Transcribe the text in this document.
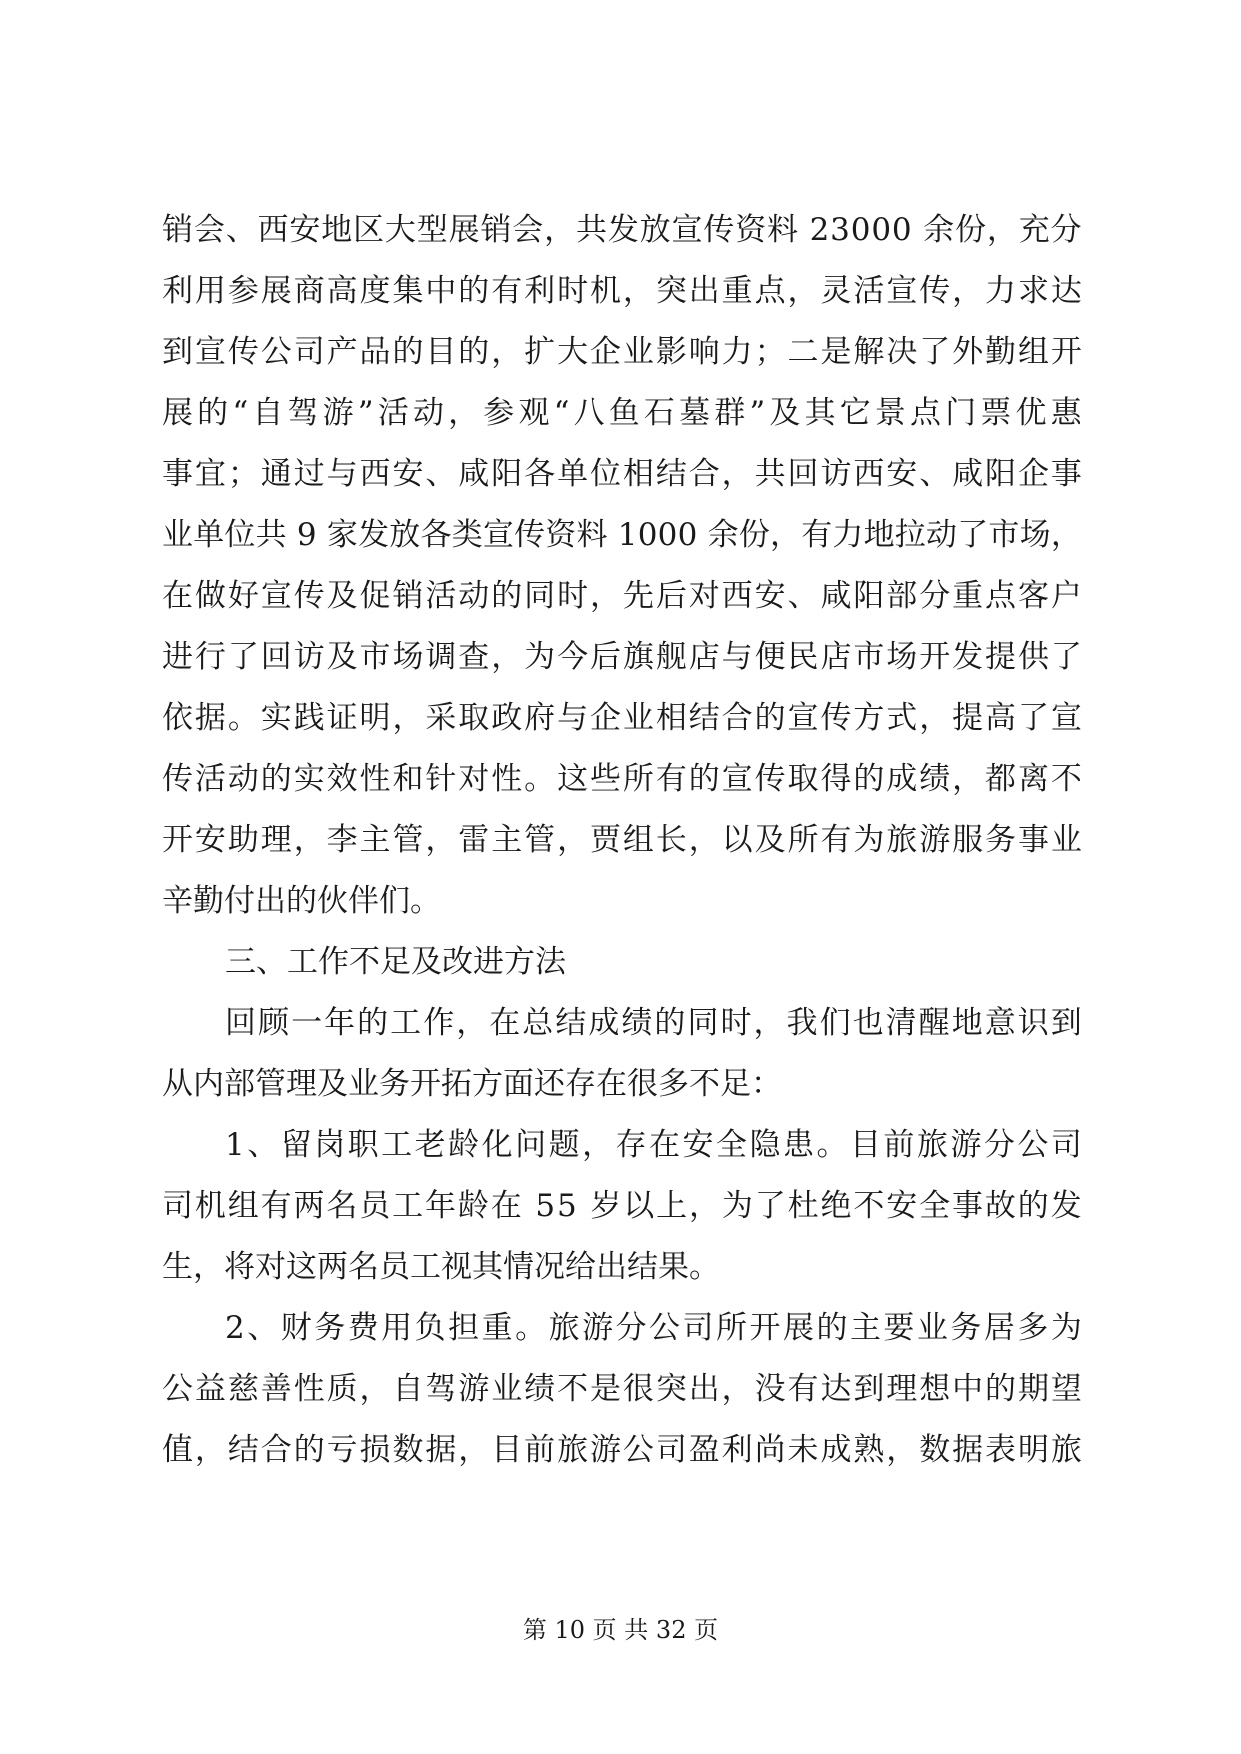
销 会 、 西 安 地 区 大 型 展 销 会 ， 共 发 放 宣 传 资 料
2 3 0 0 0
余 份 ， 充 分
利 用 参 展 商 高 度 集 中 的 有 利 时 机 ， 突 出 重 点 ， 灵 活 宣 传 ， 力 求 达
到 宣 传 公 司 产 品 的 目 的 ， 扩 大 企 业 影 响 力 ； 二 是 解 决 了 外 勤 组 开
展 的 “ 自 驾 游 ” 活 动 ， 参 观 “ 八 鱼 石 墓 群 ” 及 其 它 景 点 门 票 优 惠
事 宜 ； 通 过 与 西 安 、 咸 阳 各 单 位 相 结 合 ， 共 回 访 西 安 、 咸 阳 企 事
业 单 位 共
9
家 发 放 各 类 宣 传 资 料
1 0 0 0
余 份 ， 有 力 地 拉 动 了 市 场 ，
在 做 好 宣 传 及 促 销 活 动 的 同 时 ， 先 后 对 西 安 、 咸 阳 部 分 重 点 客 户
进 行 了 回 访 及 市 场 调 查 ， 为 今 后 旗 舰 店 与 便 民 店 市 场 开 发 提 供 了
依 据 。 实 践 证 明 ， 采 取 政 府 与 企 业 相 结 合 的 宣 传 方 式 ， 提 高 了 宣
传 活 动 的 实 效 性 和 针 对 性 。 这 些 所 有 的 宣 传 取 得 的 成 绩 ， 都 离 不
开 安 助 理 ， 李 主 管 ， 雷 主 管 ， 贾 组 长 ， 以 及 所 有 为 旅 游 服 务 事 业
辛勤付出的伙伴们。
三、工作不足及改进方法
回 顾 一 年 的 工 作 ， 在 总 结 成 绩 的 同 时 ， 我 们 也 清 醒 地 意 识 到
从内部管理及业务开拓方面还存在很多不足：
1 、 留 岗 职 工 老 龄 化 问 题 ， 存 在 安 全 隐 患 。 目 前 旅 游 分 公 司
司 机 组 有 两 名 员 工 年 龄 在
5 5
岁 以 上 ， 为 了 杜 绝 不 安 全 事 故 的 发
生，将对这两名员工视其情况给出结果。
2 、 财 务 费 用 负 担 重 。 旅 游 分 公 司 所 开 展 的 主 要 业 务 居 多 为
公 益 慈 善 性 质 ， 自 驾 游 业 绩 不 是 很 突 出 ， 没 有 达 到 理 想 中 的 期 望
值 ， 结 合 的 亏 损 数 据 ， 目 前 旅 游 公 司 盈 利 尚 未 成 熟 ， 数 据 表 明 旅
第 10 页 共 32 页
